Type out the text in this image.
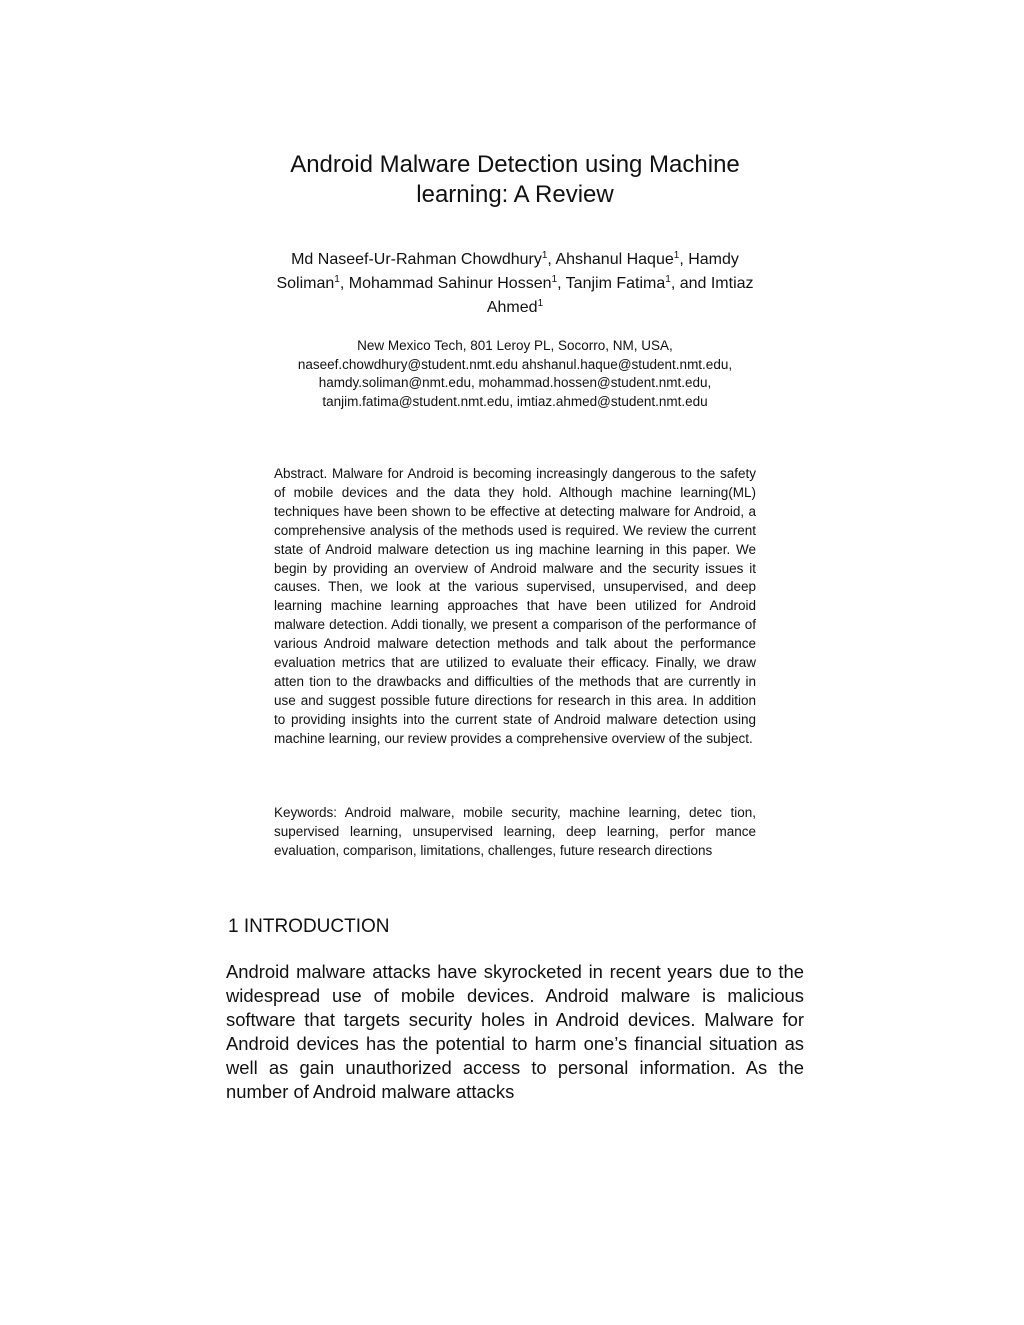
Android Malware Detection using Machine
learning: A Review
Md Naseef-Ur-Rahman Chowdhury$^1$, Ahshanul Haque$^1$, Hamdy
Soliman$^1$, Mohammad Sahinur Hossen$^1$, Tanjim Fatima$^1$, and Imtiaz
Ahmed$^1$
New Mexico Tech, 801 Leroy PL, Socorro, NM, USA,
naseef.chowdhury@student.nmt.edu ahshanul.haque@student.nmt.edu,
hamdy.soliman@nmt.edu, mohammad.hossen@student.nmt.edu,
tanjim.fatima@student.nmt.edu, imtiaz.ahmed@student.nmt.edu

Abstract. Malware for Android is becoming increasingly dangerous to the safety of mobile devices and the data they hold. Although machine learning(ML) techniques have been shown to be effective at detecting malware for Android, a comprehensive analysis of the methods used is required. We review the current state of Android malware detection us ing machine learning in this paper. We begin by providing an overview of Android malware and the security issues it causes. Then, we look at the various supervised, unsupervised, and deep learning machine learning approaches that have been utilized for Android malware detection. Addi tionally, we present a comparison of the performance of various Android malware detection methods and talk about the performance evaluation metrics that are utilized to evaluate their efficacy. Finally, we draw atten tion to the drawbacks and difficulties of the methods that are currently in use and suggest possible future directions for research in this area. In addition to providing insights into the current state of Android malware detection using machine learning, our review provides a comprehensive overview of the subject.

Keywords: Android malware, mobile security, machine learning, detec tion, supervised learning, unsupervised learning, deep learning, perfor mance evaluation, comparison, limitations, challenges, future research directions

1 INTRODUCTION

Android malware attacks have skyrocketed in recent years due to the widespread use of mobile devices. Android malware is malicious software that targets security holes in Android devices. Malware for Android devices has the potential to harm one’s financial situation as well as gain unauthorized access to personal information. As the number of Android malware attacks
